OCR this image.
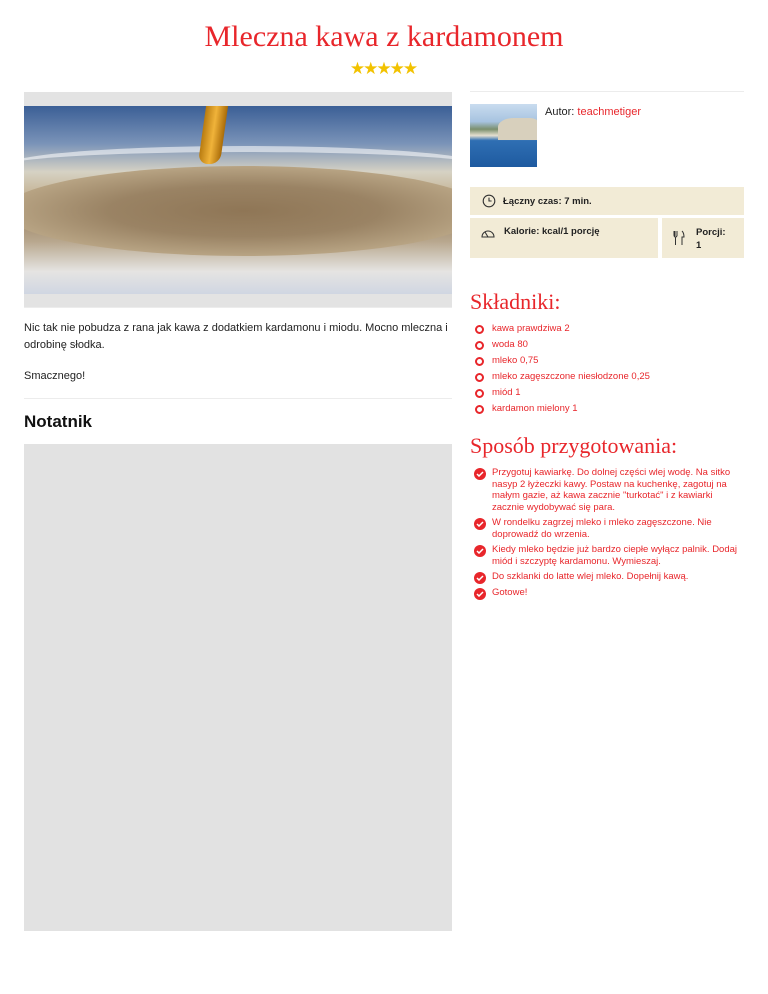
Mleczna kawa z kardamonem
★★★★★

Nic tak nie pobudza z rana jak kawa z dodatkiem kardamonu i miodu. Mocno mleczna i odrobinę słodka.

Smacznego!

Notatnik
Autor: teachmetiger
Łączny czas: 7 min.
Kalorie: kcal/1 porcję	Porcji:
1
Składniki:
kawa prawdziwa 2
woda 80
mleko 0,75
mleko zagęszczone niesłodzone 0,25
miód 1
kardamon mielony 1
Sposób przygotowania:
Przygotuj kawiarkę. Do dolnej części wlej wodę. Na sitko nasyp 2 łyżeczki kawy. Postaw na kuchenkę, zagotuj na małym gazie, aż kawa zacznie "turkotać" i z kawiarki zacznie wydobywać się para.
W rondelku zagrzej mleko i mleko zagęszczone. Nie doprowadź do wrzenia.
Kiedy mleko będzie już bardzo ciepłe wyłącz palnik. Dodaj miód i szczyptę kardamonu. Wymieszaj.
Do szklanki do latte wlej mleko. Dopełnij kawą.
Gotowe!
